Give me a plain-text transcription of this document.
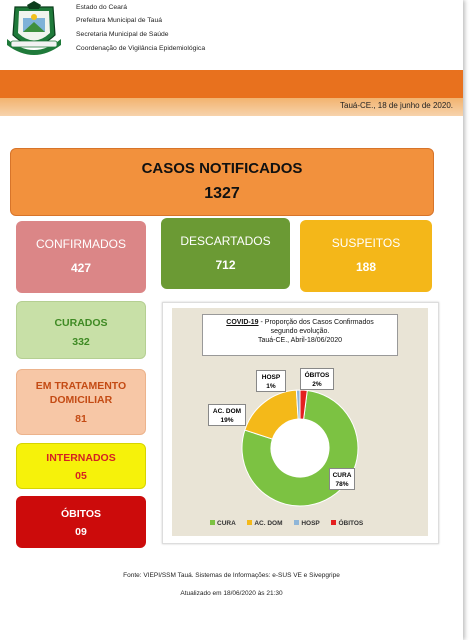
Estado do Ceará
Prefeitura Municipal de Tauá
Secretaria Municipal de Saúde
Coordenação de Vigilância Epidemiológica
Boletim Epidemiológico – COVID-19
Tauá-CE., 18 de junho de 2020.
CASOS NOTIFICADOS
1327
CONFIRMADOS
427
DESCARTADOS
712
SUSPEITOS
188
CURADOS
332
EM TRATAMENTO
DOMICILIAR
81
INTERNADOS
05
ÓBITOS
09
COVID-19 - Proporção dos Casos Confirmados
segundo evolução.
Tauá-CE., Abril-18/06/2020
HOSP
1%
ÓBITOS
2%
AC. DOM
19%
CURA
78%
CURA	AC. DOM	HOSP	ÓBITOS
Fonte: VIEPI/SSM Tauá. Sistemas de Informações: e-SUS VE e Sivepgripe
Atualizado em 18/06/2020 às 21:30
